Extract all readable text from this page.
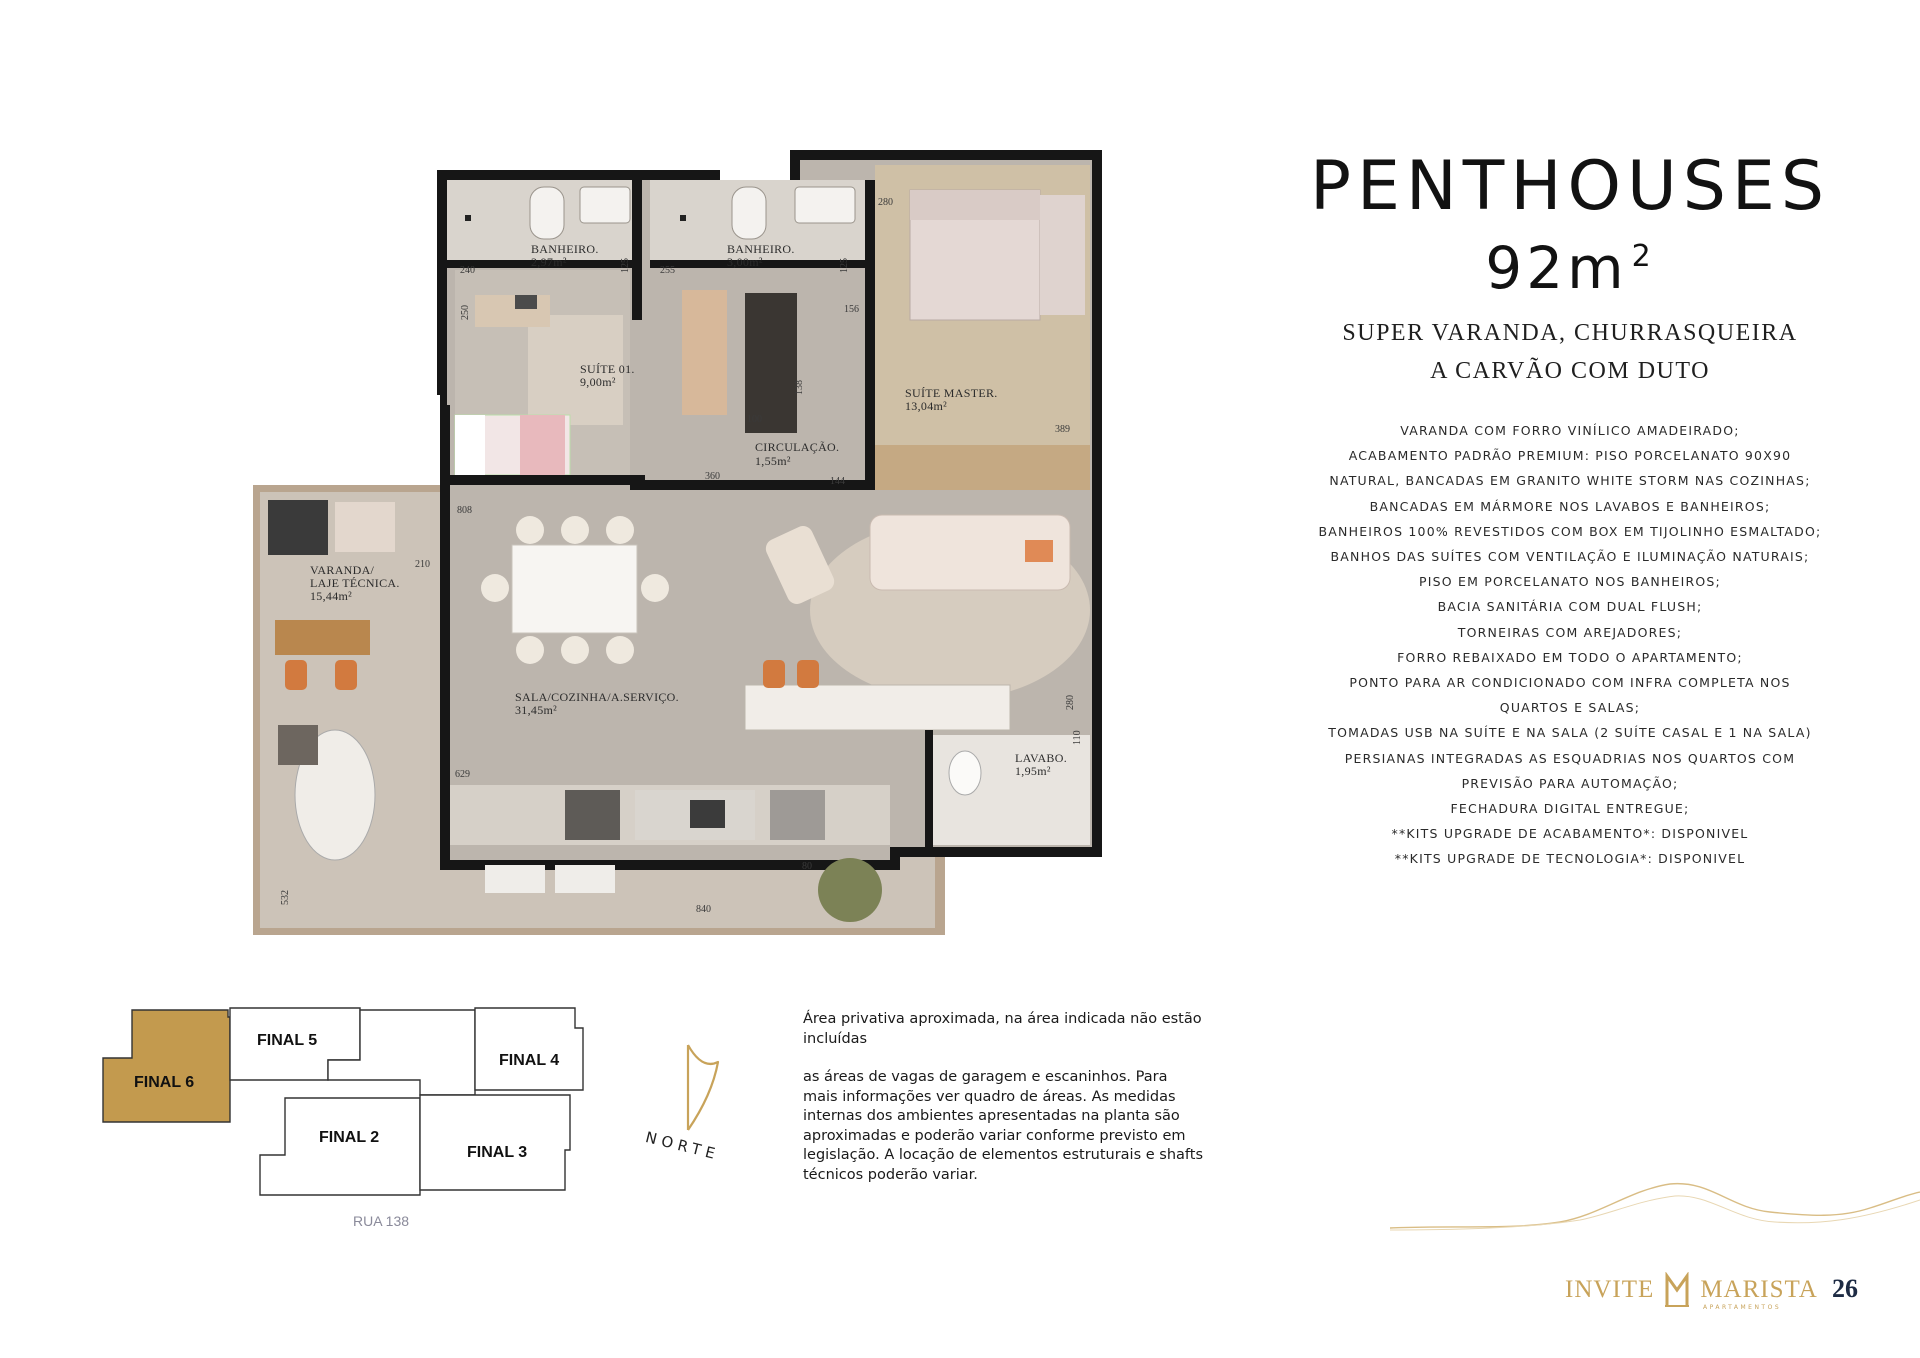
BANHEIRO.
2,97m²
BANHEIRO.
3,00m²
SUÍTE 01.
9,00m²
SUÍTE MASTER.
13,04m²
CIRCULAÇÃO.
1,55m²
VARANDA/
LAJE TÉCNICA.
15,44m²
SALA/COZINHA/A.SERVIÇO.
31,45m²
LAVABO.
1,95m²
240	125	255	125
280
250	156
138
100
360	144
389
808
210
280
110
629
80
840
532
PENTHOUSES
92m $^2$
SUPER VARANDA, CHURRASQUEIRA
A CARVÃO COM DUTO
VARANDA COM FORRO VINÍLICO AMADEIRADO;
ACABAMENTO PADRÃO PREMIUM: PISO PORCELANATO 90X90
NATURAL, BANCADAS EM GRANITO WHITE STORM NAS COZINHAS;
BANCADAS EM MÁRMORE NOS LAVABOS E BANHEIROS;
BANHEIROS 100% REVESTIDOS COM BOX EM TIJOLINHO ESMALTADO;
BANHOS DAS SUÍTES COM VENTILAÇÃO E ILUMINAÇÃO NATURAIS;
PISO EM PORCELANATO NOS BANHEIROS;
BACIA SANITÁRIA COM DUAL FLUSH;
TORNEIRAS COM AREJADORES;
FORRO REBAIXADO EM TODO O APARTAMENTO;
PONTO PARA AR CONDICIONADO COM INFRA COMPLETA NOS
QUARTOS E SALAS;
TOMADAS USB NA SUÍTE E NA SALA (2 SUÍTE CASAL E 1 NA SALA)
PERSIANAS INTEGRADAS AS ESQUADRIAS NOS QUARTOS COM
PREVISÃO PARA AUTOMAÇÃO;
FECHADURA DIGITAL ENTREGUE;
**KITS UPGRADE DE ACABAMENTO*: DISPONIVEL
**KITS UPGRADE DE TECNOLOGIA*: DISPONIVEL
FINAL 5
FINAL 4
FINAL 6
FINAL 2
FINAL 3
RUA 138
NORTE

Área privativa aproximada, na área indicada não estão incluídas

as áreas de vagas de garagem e escaninhos. Para mais informações ver quadro de áreas. As medidas internas dos ambientes apresentadas na planta são aproximadas e poderão variar conforme previsto em legislação. A locação de elementos estruturais e shafts técnicos poderão variar.

INVITE MARISTA
APARTAMENTOS
26
